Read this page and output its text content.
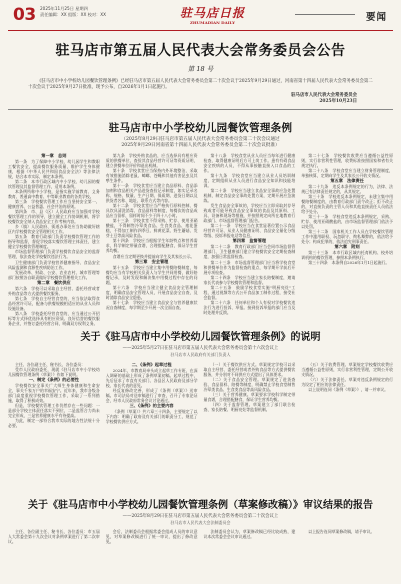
03 2025年11月25日 星期四
责任编辑：XX 组版：XX 校对：XX	驻马店日报
ZHUMADIAN DAILY	要闻
驻马店市第五届人民代表大会常务委员会公告
第 18 号
《驻马店市中小学校幼儿园餐饮管理条例》已经驻马店市第五届人民代表大会常务委员会第二十次会议于2025年9月29日通过，河南省第十四届人民代表大会常务委员会第二十次会议于2025年9月27日批准，现予公布，自2026年1月1日起施行。
驻马店市人民代表大会常务委员会
2025年10月23日
驻马店市中小学校幼儿园餐饮管理条例
（2025年8月29日驻马店市第五届人民代表大会常务委员会第二十次会议通过
2025年9月29日河南省第十四届人民代表大会常务委员会第二十次会议批准）
第一章　总则
第一条　为了保障中小学校、幼儿园学生和教职工餐饮安全，提高餐饮服务质量，维护学生身体健康，根据《中华人民共和国食品安全法》等法律法规，结合本市实际，制定本条例。
第二条　本市行政区域内中小学校、幼儿园的餐饮管理及其监督管理工作，适用本条例。
本条例所称中小学校，是指实施学前教育、义务教育、普通高中教育、中等职业教育的各类学校。
第三条　学校餐饮管理工作应当坚持安全第一、健康营养、公益普惠、社会共治的原则。
第四条　市、县（区）人民政府应当加强对学校餐饮管理工作的领导，建立健全工作协调机制，将学校餐饮安全纳入食品安全工作考核内容。
乡（镇）人民政府、街道办事处应当协助做好辖区内学校餐饮安全管理相关工作。
第五条　教育行政部门负责学校餐饮管理工作的指导和监督，督促学校落实餐饮管理主体责任，建立健全学校餐饮管理制度。
市场监督管理部门负责学校餐饮食品安全的监督管理，依法查处学校餐饮违法行为。
卫生健康部门负责学校营养健康指导、食品安全风险监测和食源性疾病防治工作。
发展改革、财政、公安、农业农村、城市管理等部门按照各自职责做好学校餐饮管理相关工作。
第二章　餐饮供应
第六条　学校可以采取自主经营、委托经营或者外购食品等方式提供餐饮服务。
第七条　学校自主经营食堂的，应当依法取得食品经营许可证，配备与供餐规模相适应的从业人员和设施设备。
第八条　学校委托经营食堂的，应当通过公开招标等方式择优选择具有相应资质、良好信誉的餐饮服务企业，并签订委托经营合同，明确双方权利义务。
第九条　学校外购食品的，应当选择具有相应资质的供餐单位，查验其食品经营许可证等资质证明，建立供餐单位评价和退出机制。
第十条　学校食堂应当保持内外环境整洁，采取有效措施消除老鼠、蟑螂、苍蝇和其他有害昆虫及其孳生条件。
第十一条　学校食堂应当建立食品原料、食品添加剂和食品相关产品进货查验记录制度，如实记录名称、规格、数量、生产日期、保质期、进货日期以及供货者名称、地址、联系方式等内容。
第十二条　学校食堂应当严格执行原料控制、餐具饮具清洗消毒、食品留样等制度，每餐次的食品成品应当留样，留样时间不少于四十八小时。
第十三条　学校食堂不得采购、贮存、使用亚硝酸盐，不得制售冷荤类食品、生食类食品、裱花蛋糕，不得加工制作四季豆、鲜黄花菜、野生蘑菇、发芽土豆等高风险食品。
第十四条　学校应当根据学生年龄特点和营养需求，科学制定带量食谱，合理搭配膳食，保证学生营养均衡。
食谱应当定期更换并提前向学生及其家长公示。
第三章　安全管理
第十五条　学校应当建立集中用餐陪餐制度，每餐均应当有学校相关负责人与学生共同用餐，做好陪餐记录，及时发现和解决集中用餐过程中存在的问题。
第十六条　学校应当建立健全食品安全管理制度，明确食品安全管理人员，开展食品安全自查，及时消除食品安全隐患。
第十七条　学校应当建立食品安全与营养健康状况自查制度，每学期至少开展一次全面自查。
第十八条　学校食堂从业人员应当每年进行健康检查，取得健康证明后方可上岗工作。患有有碍食品安全疾病的人员，不得从事接触直接入口食品的工作。
第十九条　学校食堂应当建立从业人员培训制度，定期组织从业人员进行食品安全知识和技能培训。
第二十条　学校应当建立食品安全事故应急处置机制，制定食品安全事故处置方案，定期开展应急演练。
发生食品安全事故的，学校应当立即采取封存导致或者可能导致食品安全事故的食品及其原料、工具、设备和现场等措施，并按照规定向所在地教育行政部门、市场监督管理部门报告。
第二十一条　学校应当在食堂显著位置公示食品经营许可证、从业人员健康证明、食品安全量化分级等级、投诉举报电话等信息。
第四章　监督管理
第二十二条　教育行政部门应当会同市场监督管理部门、卫生健康部门建立学校餐饮安全定期检查制度，加强日常监督检查。
第二十三条　市场监督管理部门应当将学校食堂和供餐单位作为监督检查的重点，每学期开学前后开展专项检查。
第二十四条　学校应当建立家长陪餐制度，邀请家长代表参与学校餐饮管理和监督。
第二十五条　鼓励学校食堂实施"明厨亮灶"工程，通过视频等方式公开食品加工制作过程，接受社会监督。
第二十六条　任何单位和个人有权对学校餐饮违法行为进行投诉、举报。接到投诉举报的部门应当及时处理并反馈。
第二十七条　学校餐饮收费应当遵循公益性原则，实行非营利性管理，收费标准按照国家和省有关规定执行。
第二十八条　学校食堂应当建立财务管理制度，单独核算，定期向学生及其家长公开收支情况。
第五章　法律责任
第二十九条　违反本条例规定的行为，法律、法规已有法律责任规定的，从其规定。
第三十条　学校违反本条例规定，未建立集中用餐陪餐制度的，由教育行政部门责令改正；拒不改正的，对直接负责的主管人员和其他直接责任人员依法给予处分。
第三十一条　学校食堂违反本条例规定，采购、贮存、使用亚硝酸盐的，由市场监督管理部门依法予以处罚。
第三十二条　国家机关工作人员在学校餐饮管理工作中滥用职权、玩忽职守、徇私舞弊的，依法给予处分；构成犯罪的，依法追究刑事责任。
第六章　附则
第三十三条　本市行政区域内托育机构、校外培训机构的餐饮管理，参照本条例执行。
第三十四条　本条例自2026年1月1日起施行。
关于《驻马店市中小学校幼儿园餐饮管理条例》的说明
——2025年5月27日在驻马店市第五届人民代表大会常务委员会第十六次会议上
驻马店市人民政府有关部门负责人
主任、各位副主任、秘书长、各位委员：
受市人民政府委托，现就《驻马店市中小学校幼儿园餐饮管理条例（草案）》作如下说明。
一、制定《条例》的必要性
学校餐饮安全事关广大师生身体健康和生命安全，事关千家万户的幸福安宁。近年来，我市各级各部门高度重视学校餐饮管理工作，采取了一系列措施，取得了积极成效。
但是，学校餐饮管理工作仍然存在一些问题：一是部分学校主体责任落实不到位，二是监管合力尚未完全形成，三是营养健康水平有待提高。
为此，制定一部符合我市实际的地方性法规十分必要。
二、《条例》起草过程
2024年，市教育局牵头成立起草工作专班，在深入调研的基础上形成了条例草案初稿。起草过程中，先后征求了市直有关部门、各县区人民政府及部分学校、家长代表的意见。
经反复修改完善，形成了《条例（草案）》送审稿。市司法局对送审稿进行了审查，召开了专家论证会，经市人民政府常务会议讨论通过。
三、《条例》的主要内容
《条例（草案）》共六章三十四条，主要规定了以下内容：明确了政府及有关部门的职责分工，规范了学校餐饮供应方式。
（一）关于餐饮供应方式。草案规定学校可以采取自主经营、委托经营或者外购食品等方式提供餐饮服务，并分别对不同供应方式提出了具体要求。
（二）关于食品安全管理。草案规定了进货查验、食品留样、陪餐等制度，明确禁止学校食堂制售冷荤类食品、生食类食品等高风险食品。
（三）关于营养健康。草案要求学校科学制定带量食谱，合理搭配膳食，保证学生营养均衡。
（四）关于监督管理。草案建立了部门联合检查、家长陪餐、明厨亮灶等监督机制。
（五）关于收费管理。草案规定学校餐饮收费应当遵循公益性原则，实行非营利性管理，定期公开收支情况。
（六）关于法律责任。草案对违反条例规定的行为设定了相应的法律责任。
以上说明连同《条例（草案）》，请一并审议。
关于《驻马店市中小学校幼儿园餐饮管理条例（草案修改稿）》审议结果的报告
——2025年8月29日在驻马店市第五届人民代表大会常务委员会第二十次会议上
驻马店市人民代表大会法制委员会
主任、各位副主任、秘书长、各位委员：市五届人大常委会第十九次会议对条例草案进行了第二次审议。
会后，法制委员会根据常委会组成人员的审议意见，对草案修改稿进行了统一审议，提出了修改意见。
法制委员会认为，草案修改稿已经比较成熟，建议本次常委会会议审议通过。
以上报告连同草案修改稿，请予审议。
